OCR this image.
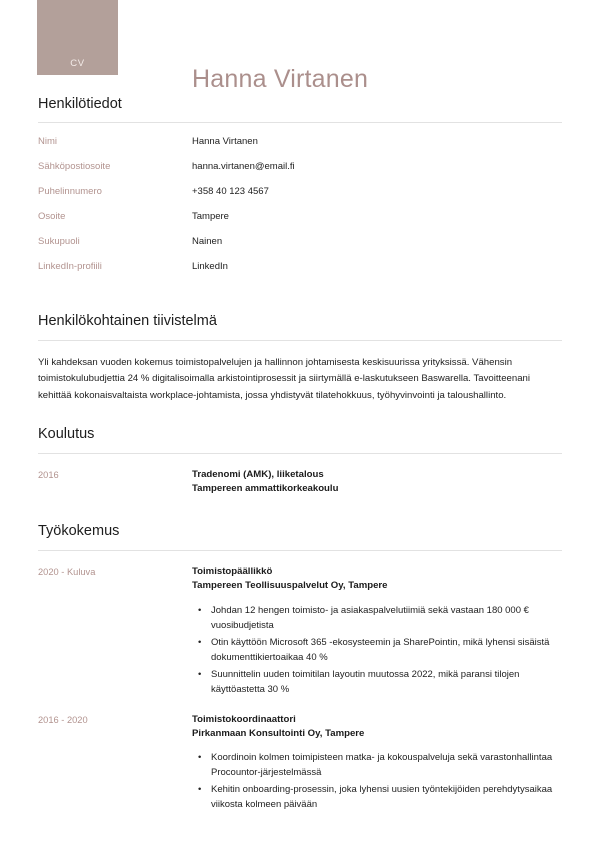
CV
Hanna Virtanen
Henkilötiedot
Nimi	Hanna Virtanen
Sähköpostiosoite	hanna.virtanen@email.fi
Puhelinnumero	+358 40 123 4567
Osoite	Tampere
Sukupuoli	Nainen
LinkedIn-profiili	LinkedIn
Henkilökohtainen tiivistelmä

Yli kahdeksan vuoden kokemus toimistopalvelujen ja hallinnon johtamisesta keskisuurissa yrityksissä. Vähensin toimistokulubudjettia 24 % digitalisoimalla arkistointiprosessit ja siirtymällä e-laskutukseen Baswarella. Tavoitteenani kehittää kokonaisvaltaista workplace-johtamista, jossa yhdistyvät tilatehokkuus, työhyvinvointi ja taloushallinto.

Koulutus
2016	Tradenomi (AMK), liiketalous
Tampereen ammattikorkeakoulu
Työkokemus
2020 - Kuluva	Toimistopäällikkö
Tampereen Teollisuuspalvelut Oy, Tampere
• Johdan 12 hengen toimisto- ja asiakaspalvelutiimiä sekä vastaan 180 000 € vuosibudjetista
• Otin käyttöön Microsoft 365 -ekosysteemin ja SharePointin, mikä lyhensi sisäistä dokumenttikiertoaikaa 40 %
• Suunnittelin uuden toimitilan layoutin muutossa 2022, mikä paransi tilojen käyttöastetta 30 %
2016 - 2020	Toimistokoordinaattori
Pirkanmaan Konsultointi Oy, Tampere
• Koordinoin kolmen toimipisteen matka- ja kokouspalveluja sekä varastonhallintaa Procountor-järjestelmässä
• Kehitin onboarding-prosessin, joka lyhensi uusien työntekijöiden perehdytysaikaa viikosta kolmeen päivään
